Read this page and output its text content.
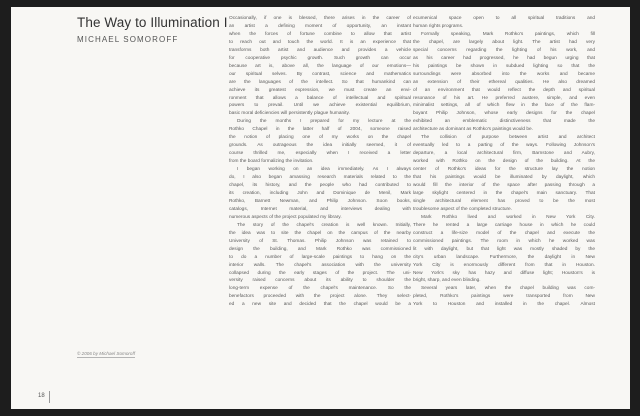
The Way to Illumination I
MICHAEL SOMOROFF
© 2006 by Michael Somoroff
18

Occasionally, if one is blessed, there arises in the career of

an artist a defining moment of opportunity, an instant

when the forces of fortune combine to allow that artist

to reach out and touch the world. It is an experience that

transforms both artist and audience and provides a vehicle

for cooperative psychic growth. Such growth can occur

because art is, above all, the language of our emotions—

our spiritual selves. By contrast, science and mathematics

are the languages of the intellect. So that humankind can

achieve its greatest expression, we must create an envi-

ronment that allows a balance of intellectual and spiritual

powers to prevail. Until we achieve existential equilibrium,

basic moral deficiencies will persistently plague humanity.

During the months I prepared for my lecture at the

Rothko Chapel in the latter half of 2004, someone raised

the notion of placing one of my works on the chapel

grounds. As outrageous the idea initially seemed, it of

course thrilled me, especially when I received a letter

from the board formalizing the invitation.

I began working on an idea immediately. As I always

do, I also began amassing research materials related to the

chapel, its history, and the people who had contributed to

its creation, including John and Dominique de Menil, Mark

Rothko, Barnett Newman, and Philip Johnson. Soon books,

catalogs, Internet material, and interviews dealing with

numerous aspects of the project populated my library.

The story of the chapel's creation is well known. Initially,

the idea was to site the chapel on the campus of the nearby

University of St. Thomas. Philip Johnson was retained to

design the building, and Mark Rothko was commissioned

to do a number of large-scale paintings to hang on the

interior walls. The chapel's association with the university

collapsed during the early stages of the project. The uni-

versity raised concerns about its ability to shoulder the

long-term expense of the chapel's maintenance. So the

benefactors proceeded with the project alone. They select-

ed a new site and decided that the chapel would be a

ecumenical space open to all spiritual traditions and

human rights programs.

Formally speaking, Mark Rothko's paintings, which fill

the chapel, are largely about light. The artist had very

special concerns regarding the lighting of his work, and

as his career had progressed, he had begun urging that

his paintings be shown in subdued lighting so that the

surroundings were absorbed into the works and became

an extension of their ethereal qualities. He also dreamed

of an environment that would reflect the depth and spiritual

resonance of his art. He preferred austere, simple, and even

minimalist settings, all of which flew in the face of the flam-

boyant Philip Johnson, whose early designs for the chapel

exhibited an emblematic distinctiveness that made the

architecture as dominant as Rothko's paintings would be.

The collision of purpose between artist and architect

eventually led to a parting of the ways. Following Johnson's

departure, a local architectural firm, Barnstone and Aubry,

worked with Rothko on the design of the building. At the

center of Rothko's ideas for the structure lay the notion

that his paintings would be illuminated by daylight, which

would fill the interior of the space after passing through a

large skylight centered in the chapel's main sanctuary. That

single architectural element has proved to be the most

troublesome aspect of the completed structure.

Mark Rothko lived and worked in New York City.

There he rented a large carriage house in which he could

construct a life-size model of the chapel and execute the

commissioned paintings. The room in which he worked was

lit with daylight, but that light was mostly shaded by the

city's urban landscape. Furthermore, the daylight in New

York City is enormously different from that in Houston.

New York's sky has hazy and diffuse light; Houston's is

bright, sharp, and even blinding.

Several years later, when the chapel building was com-

pleted, Rothko's paintings were transported from New

York to Houston and installed in the chapel. Almost
